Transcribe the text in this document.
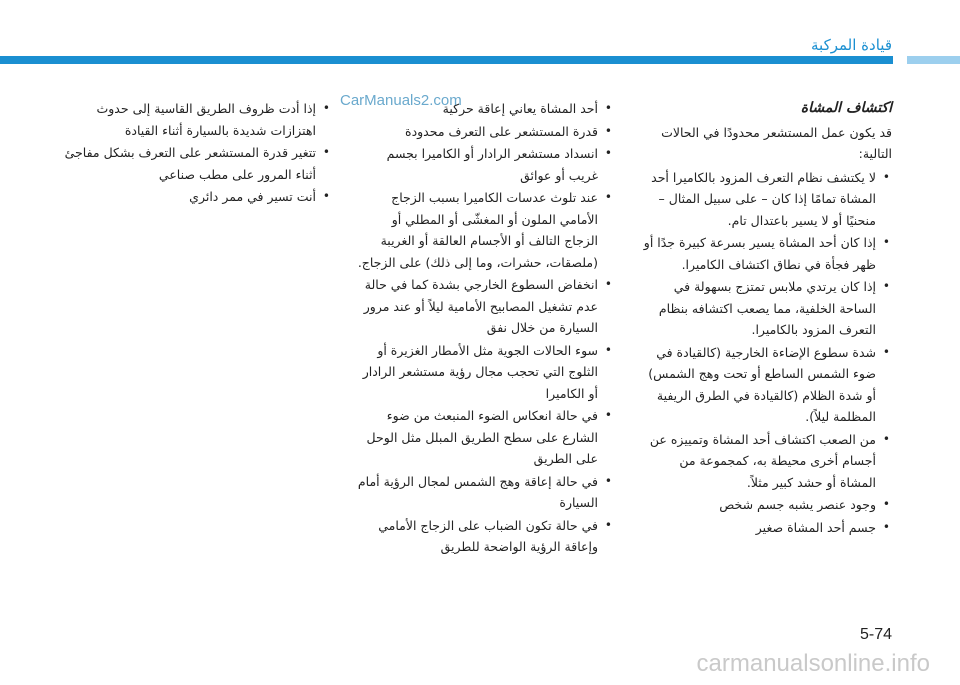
قيادة المركبة
CarManuals2.com	اكتشاف المشاة
قد يكون عمل المستشعر محدودًا في الحالات التالية:
•
لا يكتشف نظام التعرف المزود بالكاميرا أحد المشاة تمامًا إذا كان – على سبيل المثال – منحنيًا أو لا يسير باعتدال تام.
•
إذا كان أحد المشاة يسير بسرعة كبيرة جدًا أو ظهر فجأة في نطاق اكتشاف الكاميرا.
•
إذا كان يرتدي ملابس تمتزج بسهولة في الساحة الخلفية، مما يصعب اكتشافه بنظام التعرف المزود بالكاميرا.
•
شدة سطوع الإضاءة الخارجية (كالقيادة في ضوء الشمس الساطع أو تحت وهج الشمس) أو شدة الظلام (كالقيادة في الطرق الريفية المظلمة ليلاً).
•
من الصعب اكتشاف أحد المشاة وتمييزه عن أجسام أخرى محيطة به، كمجموعة من المشاة أو حشد كبير مثلاً.
•
وجود عنصر يشبه جسم شخص
•
جسم أحد المشاة صغير
•
أحد المشاة يعاني إعاقة حركية
•
قدرة المستشعر على التعرف محدودة
•
انسداد مستشعر الرادار أو الكاميرا بجسم غريب أو عوائق
•
عند تلوث عدسات الكاميرا بسبب الزجاج الأمامي الملون أو المغشّى أو المطلي أو الزجاج التالف أو الأجسام العالقة أو الغريبة (ملصقات، حشرات، وما إلى ذلك) على الزجاج.
•
انخفاض السطوع الخارجي بشدة كما في حالة عدم تشغيل المصابيح الأمامية ليلاً أو عند مرور السيارة من خلال نفق
•
سوء الحالات الجوية مثل الأمطار الغزيرة أو الثلوج التي تحجب مجال رؤية مستشعر الرادار أو الكاميرا
•
في حالة انعكاس الضوء المنبعث من ضوء الشارع على سطح الطريق المبلل مثل الوحل على الطريق
•
في حالة إعاقة وهج الشمس لمجال الرؤية أمام السيارة
•
في حالة تكون الضباب على الزجاج الأمامي وإعاقة الرؤية الواضحة للطريق
•
إذا أدت ظروف الطريق القاسية إلى حدوث اهتزازات شديدة بالسيارة أثناء القيادة
•
تتغير قدرة المستشعر على التعرف بشكل مفاجئ أثناء المرور على مطب صناعي
•
أنت تسير في ممر دائري
5-74
carmanualsonline.info
